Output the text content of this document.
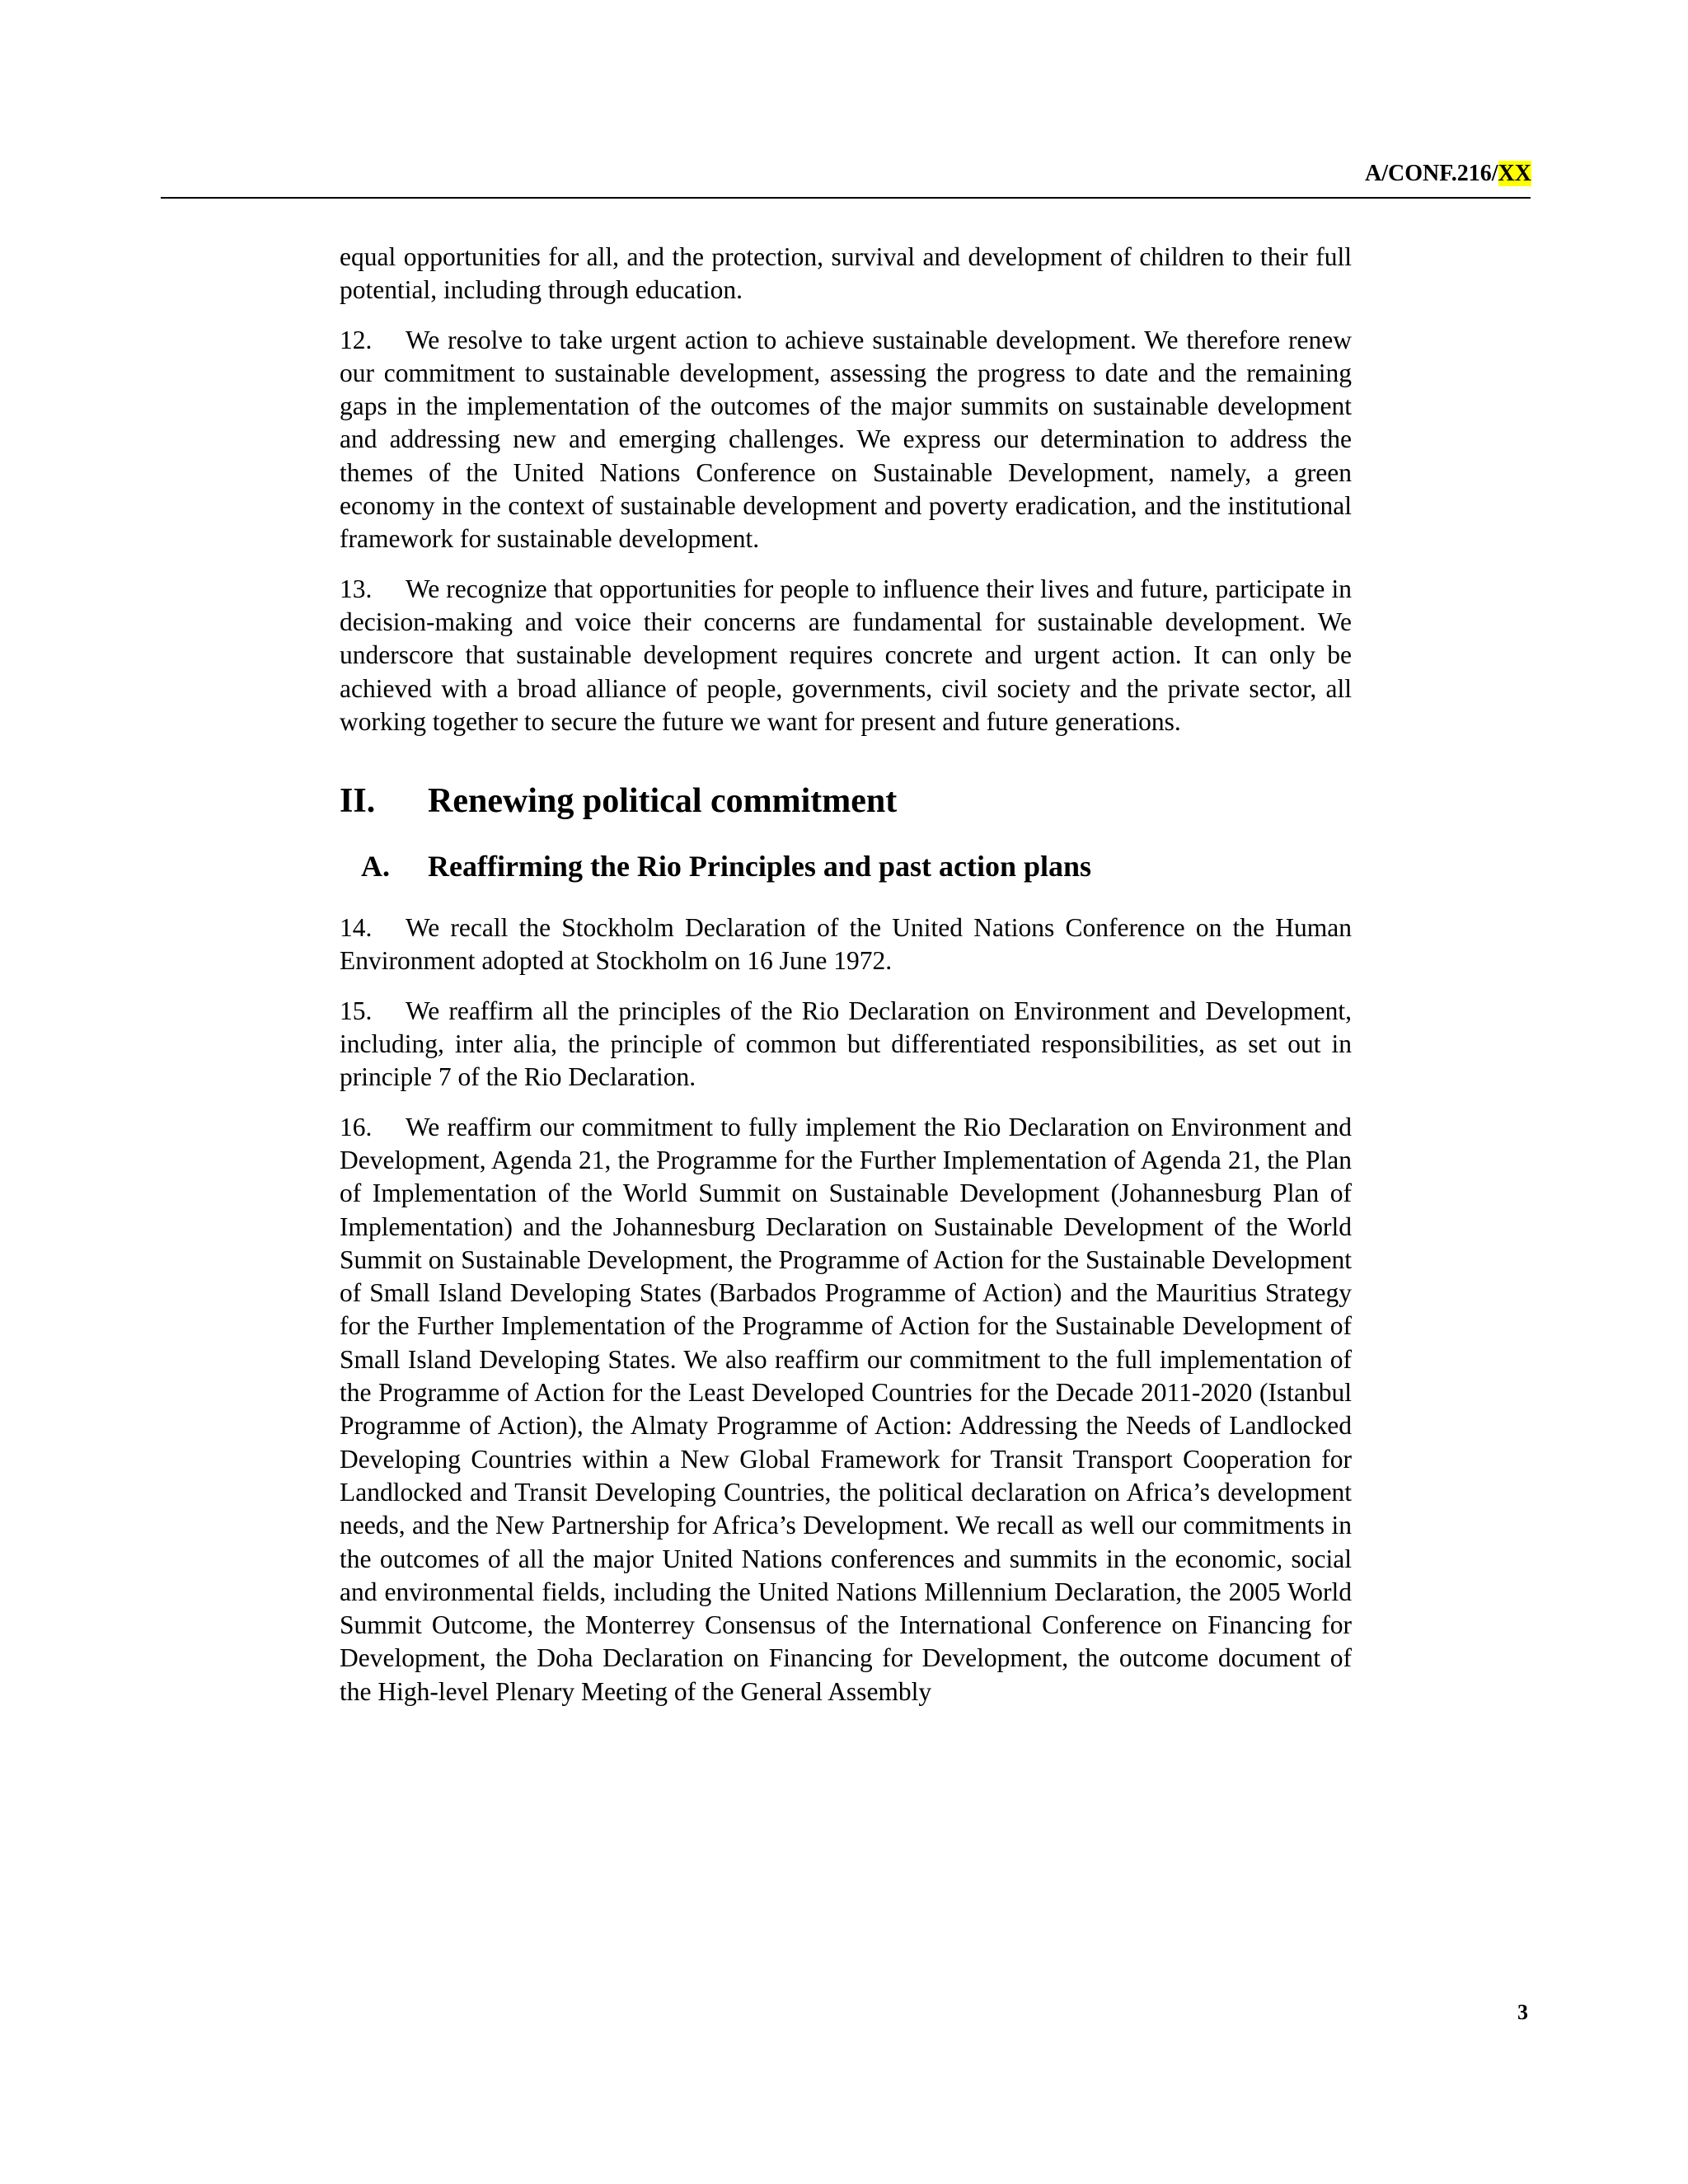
A/CONF.216/XX

equal opportunities for all, and the protection, survival and development of children to their full potential, including through education.

12. We resolve to take urgent action to achieve sustainable development. We therefore renew our commitment to sustainable development, assessing the progress to date and the remaining gaps in the implementation of the outcomes of the major summits on sustainable development and addressing new and emerging challenges. We express our determination to address the themes of the United Nations Conference on Sustainable Development, namely, a green economy in the context of sustainable development and poverty eradication, and the institutional framework for sustainable development.

13. We recognize that opportunities for people to influence their lives and future, participate in decision-making and voice their concerns are fundamental for sustainable development. We underscore that sustainable development requires concrete and urgent action. It can only be achieved with a broad alliance of people, governments, civil society and the private sector, all working together to secure the future we want for present and future generations.

II.	Renewing political commitment
A.	Reaffirming the Rio Principles and past action plans

14. We recall the Stockholm Declaration of the United Nations Conference on the Human Environment adopted at Stockholm on 16 June 1972.

15. We reaffirm all the principles of the Rio Declaration on Environment and Development, including, inter alia, the principle of common but differentiated responsibilities, as set out in principle 7 of the Rio Declaration.

16. We reaffirm our commitment to fully implement the Rio Declaration on Environment and Development, Agenda 21, the Programme for the Further Implementation of Agenda 21, the Plan of Implementation of the World Summit on Sustainable Development (Johannesburg Plan of Implementation) and the Johannesburg Declaration on Sustainable Development of the World Summit on Sustainable Development, the Programme of Action for the Sustainable Development of Small Island Developing States (Barbados Programme of Action) and the Mauritius Strategy for the Further Implementation of the Programme of Action for the Sustainable Development of Small Island Developing States. We also reaffirm our commitment to the full implementation of the Programme of Action for the Least Developed Countries for the Decade 2011-2020 (Istanbul Programme of Action), the Almaty Programme of Action: Addressing the Needs of Landlocked Developing Countries within a New Global Framework for Transit Transport Cooperation for Landlocked and Transit Developing Countries, the political declaration on Africa’s development needs, and the New Partnership for Africa’s Development. We recall as well our commitments in the outcomes of all the major United Nations conferences and summits in the economic, social and environmental fields, including the United Nations Millennium Declaration, the 2005 World Summit Outcome, the Monterrey Consensus of the International Conference on Financing for Development, the Doha Declaration on Financing for Development, the outcome document of the High-level Plenary Meeting of the General Assembly

3
